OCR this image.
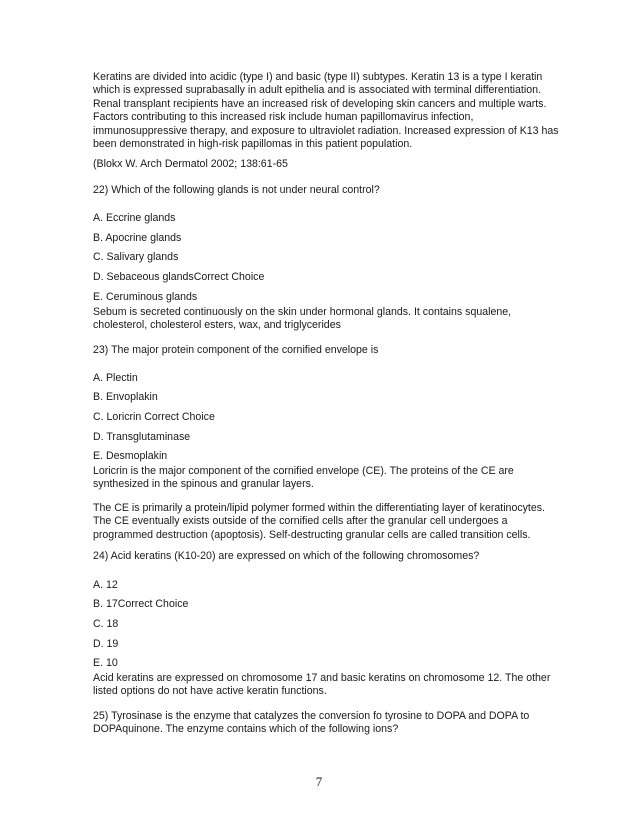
Keratins are divided into acidic (type I) and basic (type II) subtypes. Keratin 13 is a type I keratin which is expressed suprabasally in adult epithelia and is associated with terminal differentiation. Renal transplant recipients have an increased risk of developing skin cancers and multiple warts. Factors contributing to this increased risk include human papillomavirus infection, immunosuppressive therapy, and exposure to ultraviolet radiation. Increased expression of K13 has been demonstrated in high-risk papillomas in this patient population.

(Blokx W. Arch Dermatol 2002; 138:61-65

22) Which of the following glands is not under neural control?

A. Eccrine glands

B. Apocrine glands

C. Salivary glands

D. Sebaceous glandsCorrect Choice

E. Ceruminous glands

Sebum is secreted continuously on the skin under hormonal glands. It contains squalene, cholesterol, cholesterol esters, wax, and triglycerides

23) The major protein component of the cornified envelope is

A. Plectin

B. Envoplakin

C. Loricrin Correct Choice

D. Transglutaminase

E. Desmoplakin

Loricrin is the major component of the cornified envelope (CE). The proteins of the CE are synthesized in the spinous and granular layers.

The CE is primarily a protein/lipid polymer formed within the differentiating layer of keratinocytes. The CE eventually exists outside of the cornified cells after the granular cell undergoes a programmed destruction (apoptosis). Self-destructing granular cells are called transition cells.

24) Acid keratins (K10-20) are expressed on which of the following chromosomes?

A. 12

B. 17Correct Choice

C. 18

D. 19

E. 10

Acid keratins are expressed on chromosome 17 and basic keratins on chromosome 12. The other listed options do not have active keratin functions.

25) Tyrosinase is the enzyme that catalyzes the conversion fo tyrosine to DOPA and DOPA to DOPAquinone. The enzyme contains which of the following ions?

7
